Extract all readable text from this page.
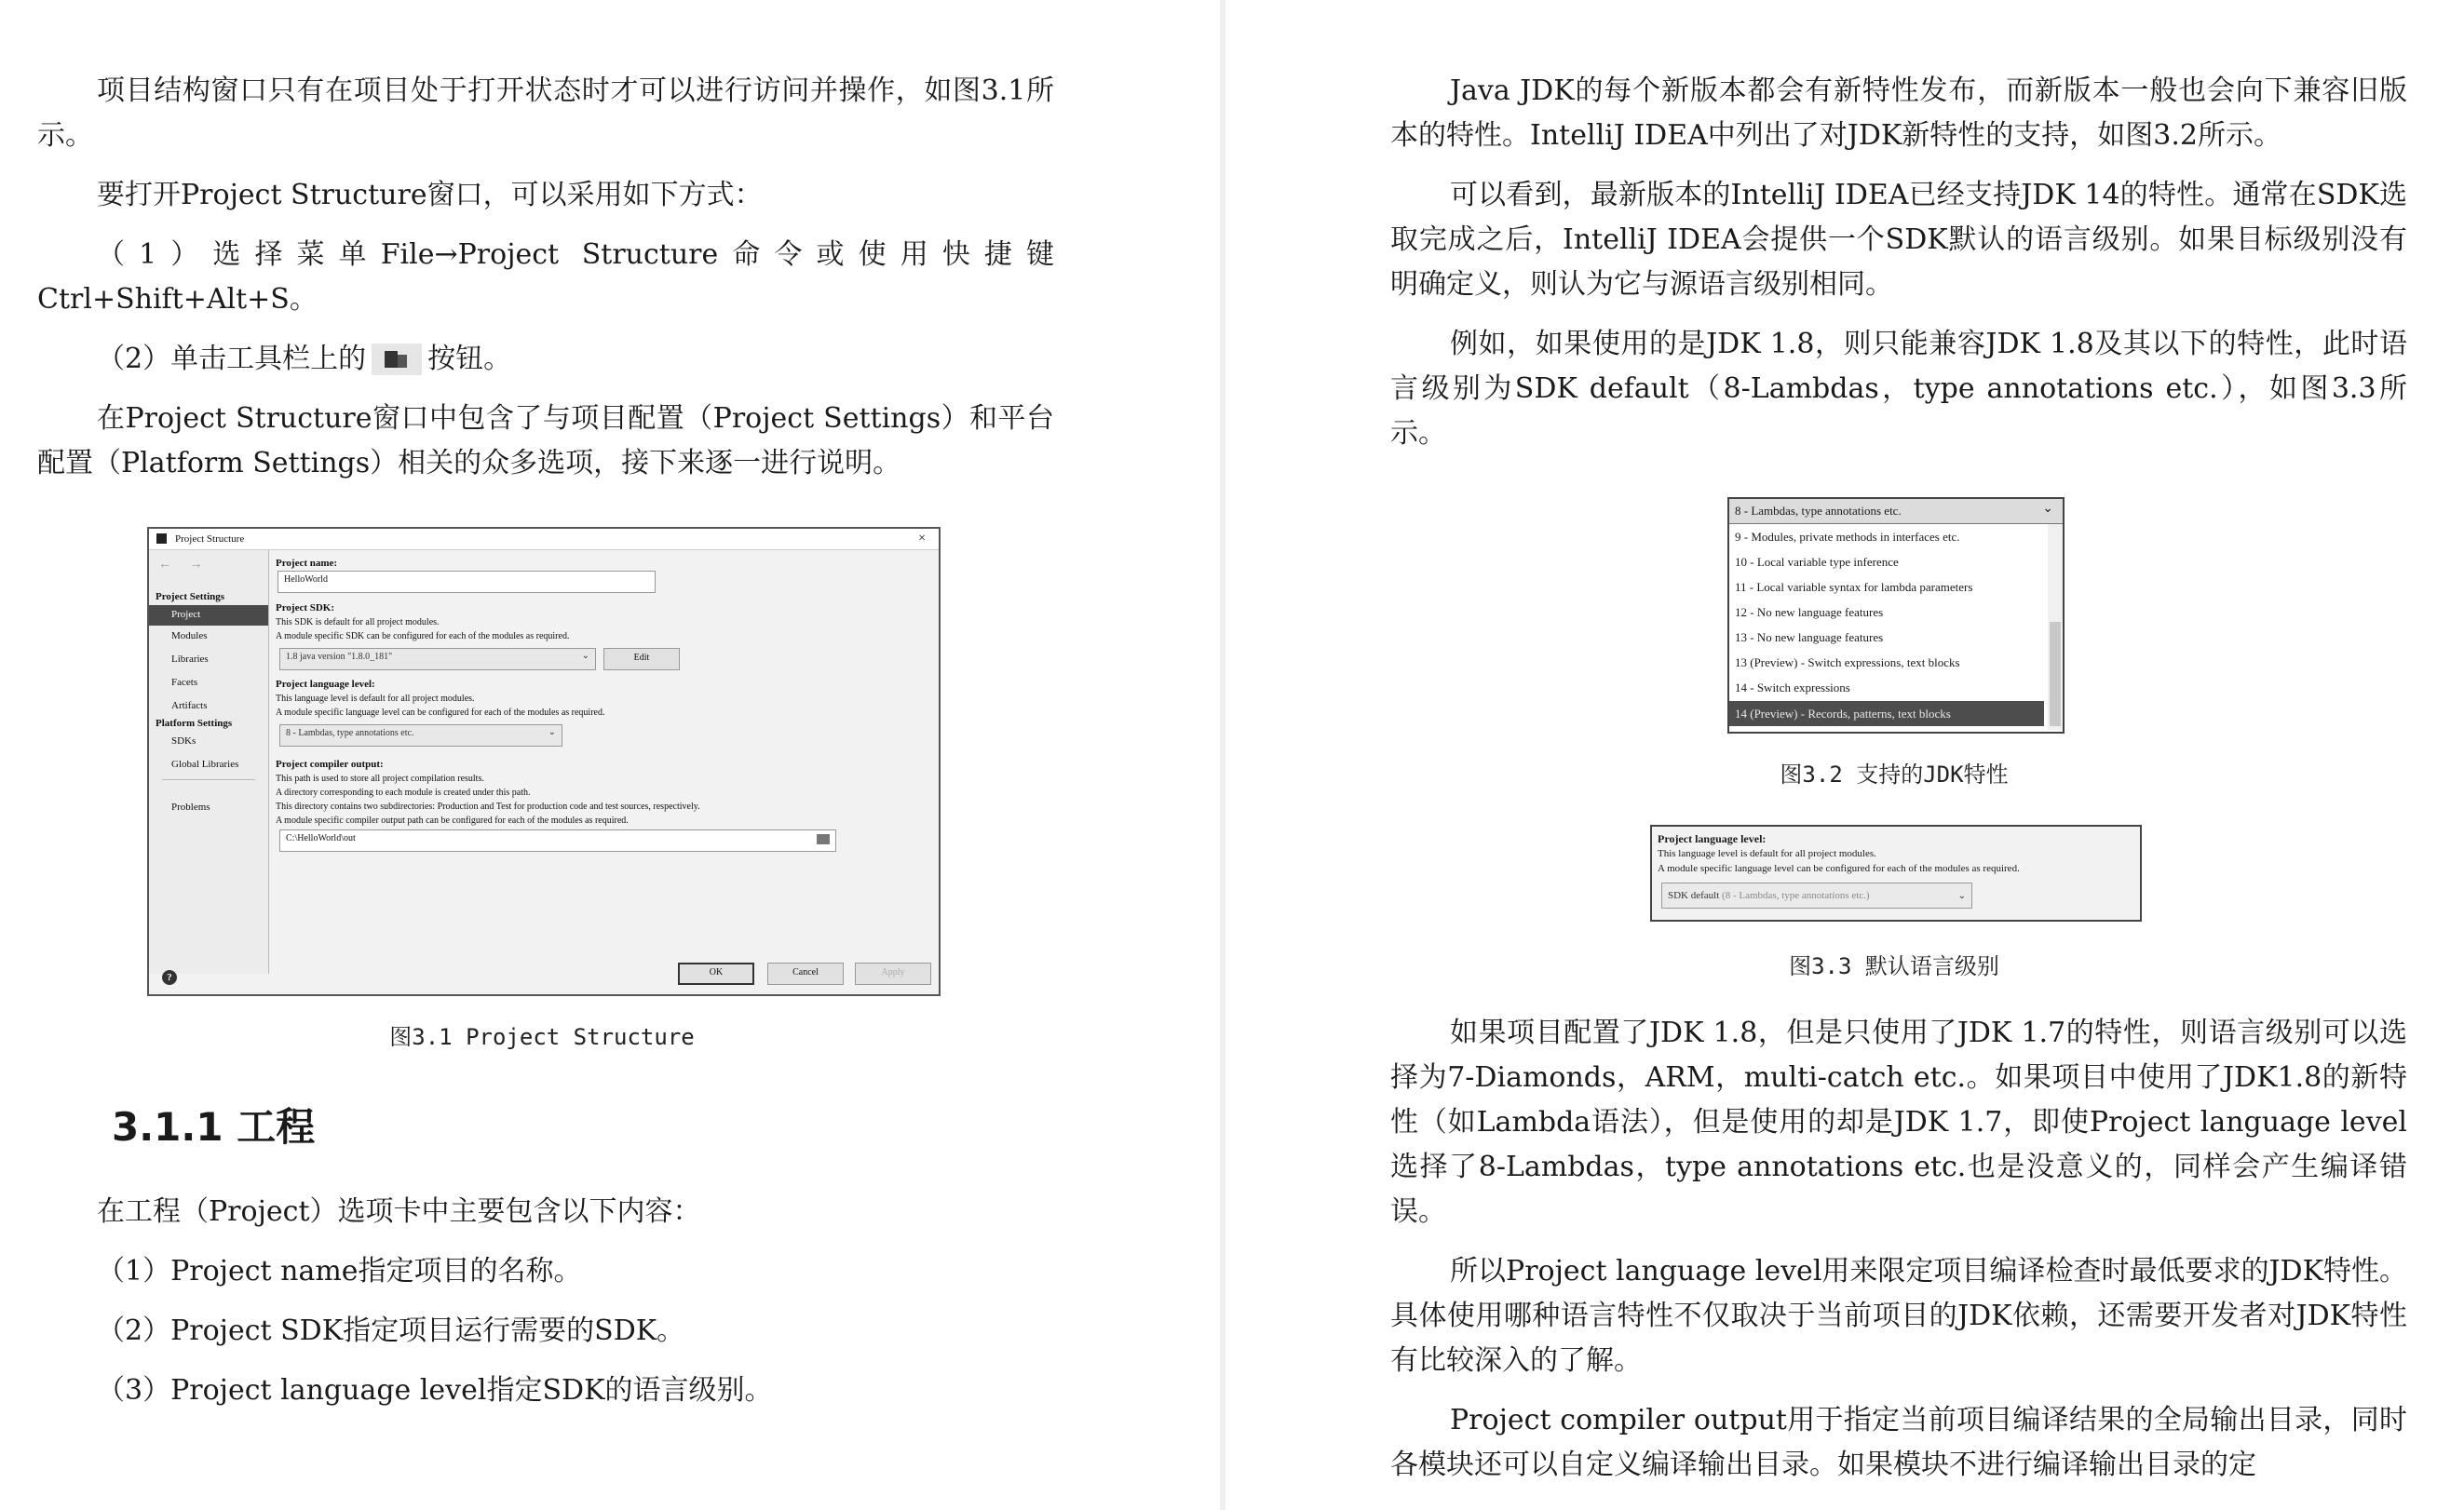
项目结构窗口只有在项目处于打开状态时才可以进行访问并操作，如图3.1所示。

要打开Project Structure窗口，可以采用如下方式：

（1）选择菜单File→Project Structure命令或使用快捷键Ctrl+Shift+Alt+S。

（2）单击工具栏上的 按钮。

在Project Structure窗口中包含了与项目配置（Project Settings）和平台配置（Platform Settings）相关的众多选项，接下来逐一进行说明。

Project Structure	×
← →
Project Settings
Project
Modules
Libraries
Facets
Artifacts
Platform Settings
SDKs
Global Libraries
Problems
Project name:
HelloWorld
Project SDK:
This SDK is default for all project modules.
A module specific SDK can be configured for each of the modules as required.
1.8 java version "1.8.0_181"	⌄	Edit
Project language level:
This language level is default for all project modules.
A module specific language level can be configured for each of the modules as required.
8 - Lambdas, type annotations etc.	⌄
Project compiler output:
This path is used to store all project compilation results.
A directory corresponding to each module is created under this path.
This directory contains two subdirectories: Production and Test for production code and test sources, respectively.
A module specific compiler output path can be configured for each of the modules as required.
C:\HelloWorld\out
OK	Cancel	Apply
?
图3.1 Project Structure
3.1.1 工程

在工程（Project）选项卡中主要包含以下内容：

（1）Project name指定项目的名称。

（2）Project SDK指定项目运行需要的SDK。

（3）Project language level指定SDK的语言级别。

Java JDK的每个新版本都会有新特性发布，而新版本一般也会向下兼容旧版本的特性。IntelliJ IDEA中列出了对JDK新特性的支持，如图3.2所示。

可以看到，最新版本的IntelliJ IDEA已经支持JDK 14的特性。通常在SDK选取完成之后，IntelliJ IDEA会提供一个SDK默认的语言级别。如果目标级别没有明确定义，则认为它与源语言级别相同。

例如，如果使用的是JDK 1.8，则只能兼容JDK 1.8及其以下的特性，此时语言级别为SDK default（8-Lambdas，type annotations etc.），如图3.3所示。

8 - Lambdas, type annotations etc.	⌄
9 - Modules, private methods in interfaces etc.
10 - Local variable type inference
11 - Local variable syntax for lambda parameters
12 - No new language features
13 - No new language features
13 (Preview) - Switch expressions, text blocks
14 - Switch expressions
14 (Preview) - Records, patterns, text blocks
图3.2 支持的JDK特性
Project language level:
This language level is default for all project modules.
A module specific language level can be configured for each of the modules as required.
SDK default (8 - Lambdas, type annotations etc.)	⌄
图3.3 默认语言级别

如果项目配置了JDK 1.8，但是只使用了JDK 1.7的特性，则语言级别可以选择为7-Diamonds，ARM，multi-catch etc.。如果项目中使用了JDK1.8的新特性（如Lambda语法），但是使用的却是JDK 1.7，即使Project language level选择了8-Lambdas，type annotations etc.也是没意义的，同样会产生编译错误。

所以Project language level用来限定项目编译检查时最低要求的JDK特性。具体使用哪种语言特性不仅取决于当前项目的JDK依赖，还需要开发者对JDK特性有比较深入的了解。

Project compiler output用于指定当前项目编译结果的全局输出目录，同时各模块还可以自定义编译输出目录。如果模块不进行编译输出目录的定
